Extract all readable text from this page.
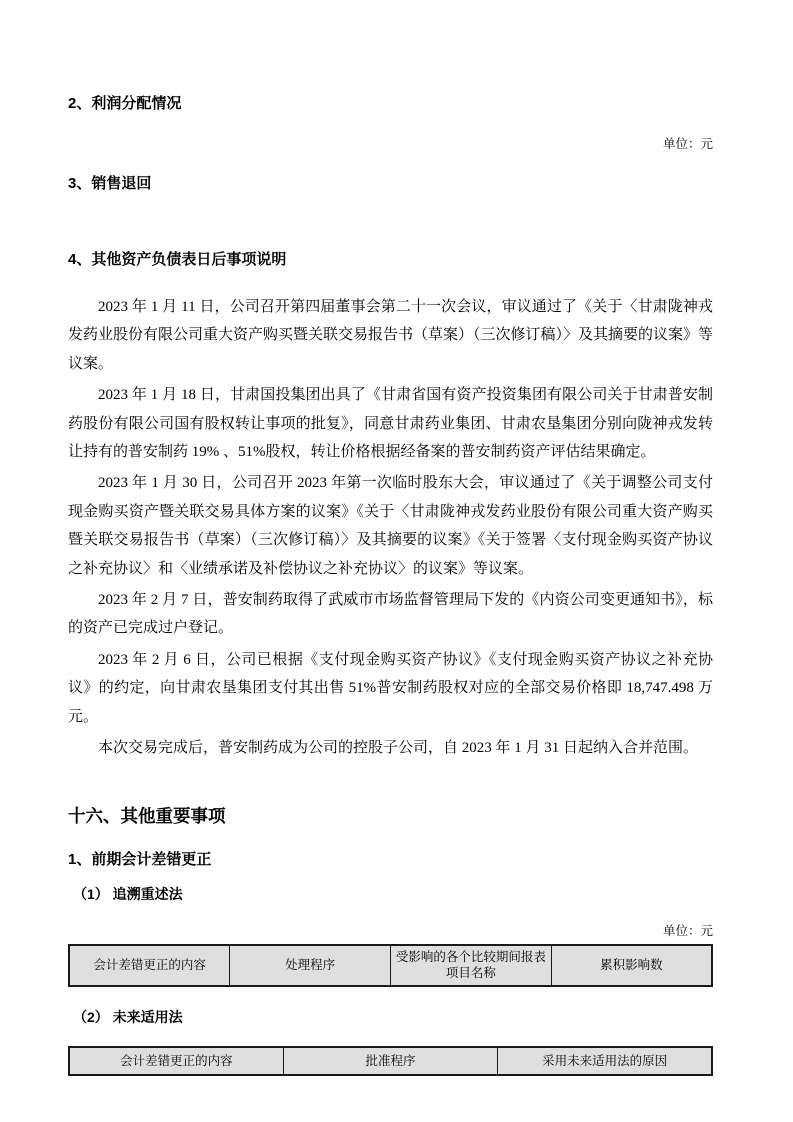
2、利润分配情况
单位：元
3、销售退回
4、其他资产负债表日后事项说明

2023 年 1 月 11 日，公司召开第四届董事会第二十一次会议，审议通过了《关于〈甘肃陇神戎发药业股份有限公司重大资产购买暨关联交易报告书（草案）（三次修订稿）〉及其摘要的议案》等议案。

2023 年 1 月 18 日，甘肃国投集团出具了《甘肃省国有资产投资集团有限公司关于甘肃普安制药股份有限公司国有股权转让事项的批复》，同意甘肃药业集团、甘肃农垦集团分别向陇神戎发转让持有的普安制药 19% 、51%股权，转让价格根据经备案的普安制药资产评估结果确定。

2023 年 1 月 30 日，公司召开 2023 年第一次临时股东大会，审议通过了《关于调整公司支付现金购买资产暨关联交易具体方案的议案》《关于〈甘肃陇神戎发药业股份有限公司重大资产购买暨关联交易报告书（草案）（三次修订稿）〉及其摘要的议案》《关于签署〈支付现金购买资产协议之补充协议〉和〈业绩承诺及补偿协议之补充协议〉的议案》等议案。

2023 年 2 月 7 日，普安制药取得了武威市市场监督管理局下发的《内资公司变更通知书》，标的资产已完成过户登记。

2023 年 2 月 6 日，公司已根据《支付现金购买资产协议》《支付现金购买资产协议之补充协议》的约定，向甘肃农垦集团支付其出售 51%普安制药股权对应的全部交易价格即 18,747.498 万元。

本次交易完成后，普安制药成为公司的控股子公司，自 2023 年 1 月 31 日起纳入合并范围。

十六、其他重要事项
1、前期会计差错更正
（1） 追溯重述法
单位：元
会计差错更正的内容	处理程序	受影响的各个比较期间报表项目名称	累积影响数
（2） 未来适用法
会计差错更正的内容	批准程序	采用未来适用法的原因
